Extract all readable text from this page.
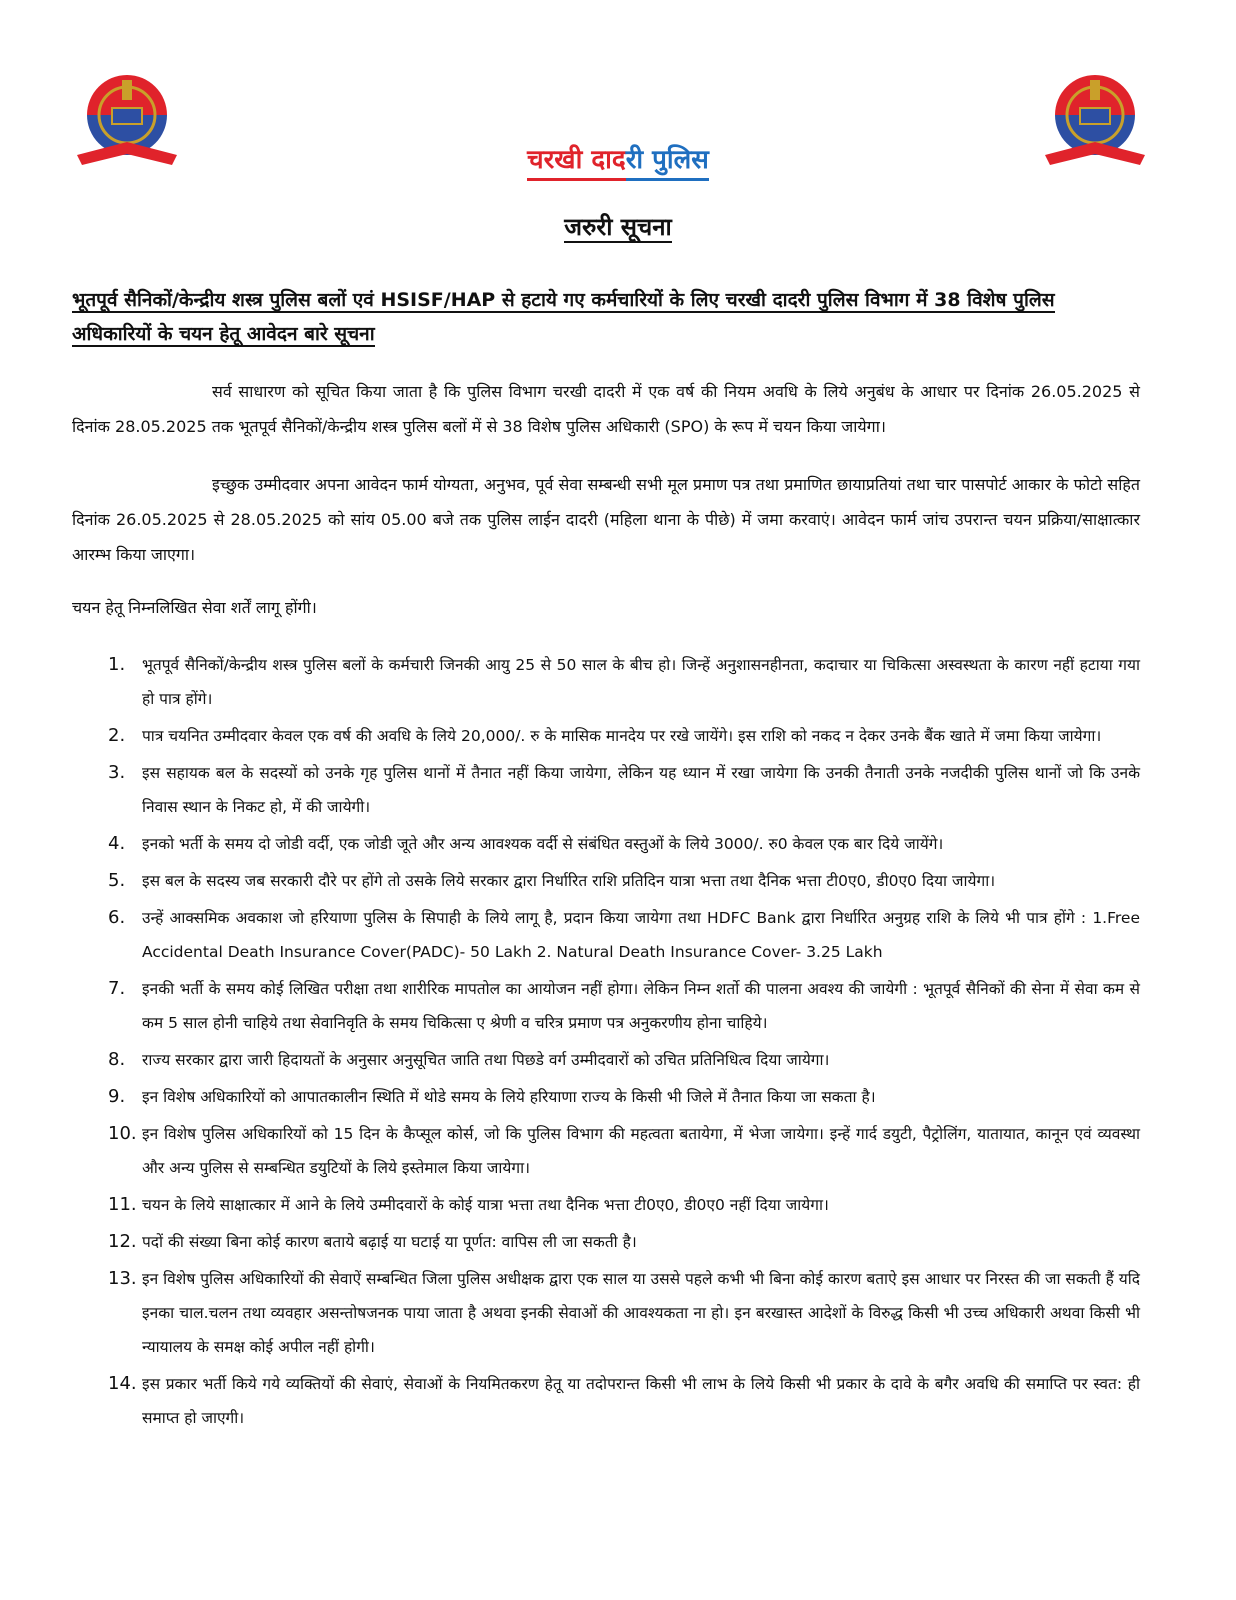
चरखी दादरी पुलिस
जरुरी सूचना
भूतपूर्व सैनिकों/केन्द्रीय शस्त्र पुलिस बलों एवं HSISF/HAP से हटाये गए कर्मचारियों के लिए चरखी दादरी पुलिस विभाग में 38 विशेष पुलिस अधिकारियों के चयन हेतू आवेदन बारे सूचना
सर्व साधारण को सूचित किया जाता है कि पुलिस विभाग चरखी दादरी में एक वर्ष की नियम अवधि के लिये अनुबंध के आधार पर दिनांक 26.05.2025 से दिनांक 28.05.2025 तक भूतपूर्व सैनिकों/केन्द्रीय शस्त्र पुलिस बलों में से 38 विशेष पुलिस अधिकारी (SPO) के रूप में चयन किया जायेगा।
इच्छुक उम्मीदवार अपना आवेदन फार्म योग्यता, अनुभव, पूर्व सेवा सम्बन्धी सभी मूल प्रमाण पत्र तथा प्रमाणित छायाप्रतियां तथा चार पासपोर्ट आकार के फोटो सहित दिनांक 26.05.2025 से 28.05.2025 को सांय 05.00 बजे तक पुलिस लाईन दादरी (महिला थाना के पीछे) में जमा करवाएं। आवेदन फार्म जांच उपरान्त चयन प्रक्रिया/साक्षात्कार आरम्भ किया जाएगा।
चयन हेतू निम्नलिखित सेवा शर्तें लागू होंगी।
1. भूतपूर्व सैनिकों/केन्द्रीय शस्त्र पुलिस बलों के कर्मचारी जिनकी आयु 25 से 50 साल के बीच हो। जिन्हें अनुशासनहीनता, कदाचार या चिकित्सा अस्वस्थता के कारण नहीं हटाया गया हो पात्र होंगे।
2. पात्र चयनित उम्मीदवार केवल एक वर्ष की अवधि के लिये 20,000/. रु के मासिक मानदेय पर रखे जायेंगे। इस राशि को नकद न देकर उनके बैंक खाते में जमा किया जायेगा।
3. इस सहायक बल के सदस्यों को उनके गृह पुलिस थानों में तैनात नहीं किया जायेगा, लेकिन यह ध्यान में रखा जायेगा कि उनकी तैनाती उनके नजदीकी पुलिस थानों जो कि उनके निवास स्थान के निकट हो, में की जायेगी।
4. इनको भर्ती के समय दो जोडी वर्दी, एक जोडी जूते और अन्य आवश्यक वर्दी से संबंधित वस्तुओं के लिये 3000/. रु0 केवल एक बार दिये जायेंगे।
5. इस बल के सदस्य जब सरकारी दौरे पर होंगे तो उसके लिये सरकार द्वारा निर्धारित राशि प्रतिदिन यात्रा भत्ता तथा दैनिक भत्ता टी0ए0, डी0ए0 दिया जायेगा।
6. उन्हें आक्समिक अवकाश जो हरियाणा पुलिस के सिपाही के लिये लागू है, प्रदान किया जायेगा तथा HDFC Bank द्वारा निर्धारित अनुग्रह राशि के लिये भी पात्र होंगे : 1.Free Accidental Death Insurance Cover(PADC)- 50 Lakh 2. Natural Death Insurance Cover- 3.25 Lakh
7. इनकी भर्ती के समय कोई लिखित परीक्षा तथा शारीरिक मापतोल का आयोजन नहीं होगा। लेकिन निम्न शर्तो की पालना अवश्य की जायेगी : भूतपूर्व सैनिकों की सेना में सेवा कम से कम 5 साल होनी चाहिये तथा सेवानिवृति के समय चिकित्सा ए श्रेणी व चरित्र प्रमाण पत्र अनुकरणीय होना चाहिये।
8. राज्य सरकार द्वारा जारी हिदायतों के अनुसार अनुसूचित जाति तथा पिछडे वर्ग उम्मीदवारों को उचित प्रतिनिधित्व दिया जायेगा।
9. इन विशेष अधिकारियों को आपातकालीन स्थिति में थोडे समय के लिये हरियाणा राज्य के किसी भी जिले में तैनात किया जा सकता है।
10. इन विशेष पुलिस अधिकारियों को 15 दिन के कैप्सूल कोर्स, जो कि पुलिस विभाग की महत्वता बतायेगा, में भेजा जायेगा। इन्हें गार्द डयुटी, पैट्रोलिंग, यातायात, कानून एवं व्यवस्था और अन्य पुलिस से सम्बन्धित डयुटियों के लिये इस्तेमाल किया जायेगा।
11. चयन के लिये साक्षात्कार में आने के लिये उम्मीदवारों के कोई यात्रा भत्ता तथा दैनिक भत्ता टी0ए0, डी0ए0 नहीं दिया जायेगा।
12. पदों की संख्या बिना कोई कारण बताये बढ़ाई या घटाई या पूर्णत: वापिस ली जा सकती है।
13. इन विशेष पुलिस अधिकारियों की सेवाऐं सम्बन्धित जिला पुलिस अधीक्षक द्वारा एक साल या उससे पहले कभी भी बिना कोई कारण बताऐ इस आधार पर निरस्त की जा सकती हैं यदि इनका चाल.चलन तथा व्यवहार असन्तोषजनक पाया जाता है अथवा इनकी सेवाओं की आवश्यकता ना हो। इन बरखास्त आदेशों के विरुद्ध किसी भी उच्च अधिकारी अथवा किसी भी न्यायालय के समक्ष कोई अपील नहीं होगी।
14. इस प्रकार भर्ती किये गये व्यक्तियों की सेवाएं, सेवाओं के नियमितकरण हेतू या तदोपरान्त किसी भी लाभ के लिये किसी भी प्रकार के दावे के बगैर अवधि की समाप्ति पर स्वत: ही समाप्त हो जाएगी।
